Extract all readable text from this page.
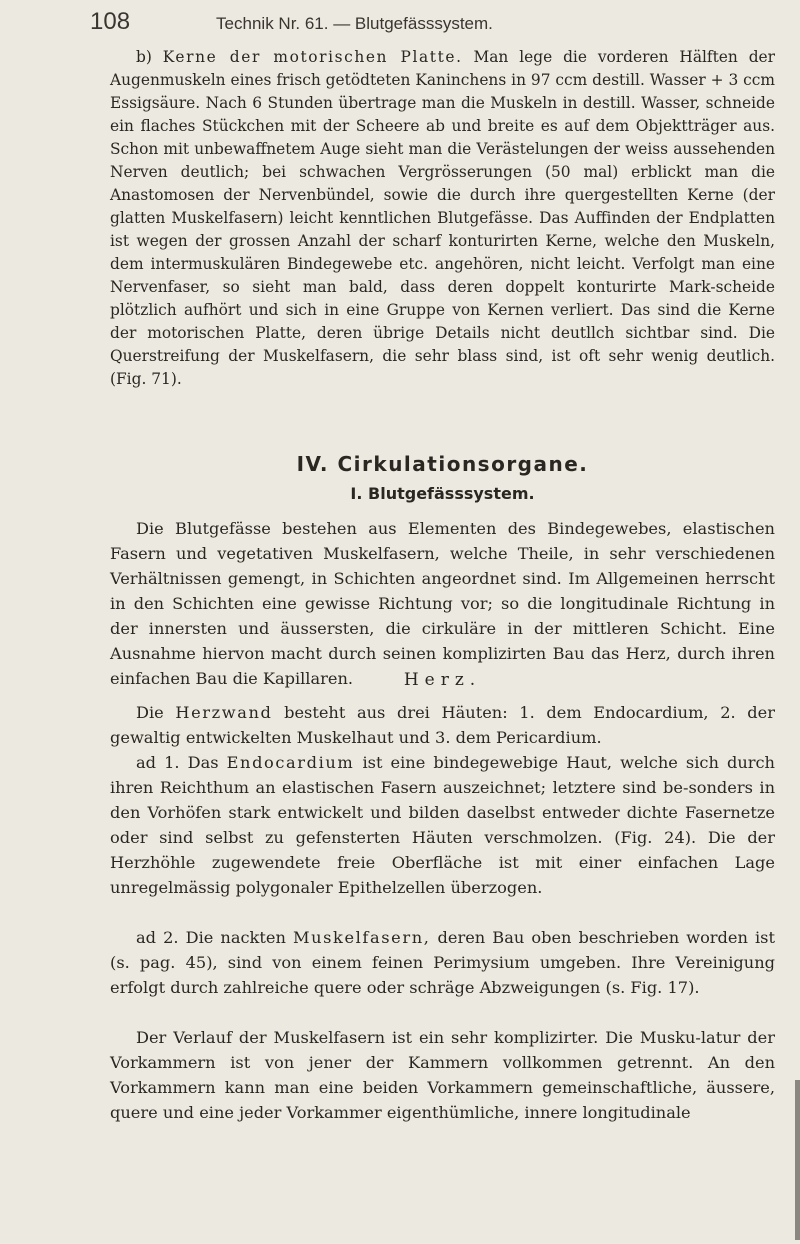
108	Technik Nr. 61. — Blutgefässsystem.

b) Kerne der motorischen Platte. Man lege die vorderen Hälften der Augenmuskeln eines frisch getödteten Kaninchens in 97 ccm destill. Wasser + 3 ccm Essigsäure. Nach 6 Stunden übertrage man die Muskeln in destill. Wasser, schneide ein flaches Stückchen mit der Scheere ab und breite es auf dem Objektträger aus. Schon mit unbewaffnetem Auge sieht man die Verästelungen der weiss aussehenden Nerven deutlich; bei schwachen Vergrösserungen (50 mal) erblickt man die Anastomosen der Nervenbündel, sowie die durch ihre quergestellten Kerne (der glatten Muskelfasern) leicht kenntlichen Blutgefässe. Das Auffinden der Endplatten ist wegen der grossen Anzahl der scharf konturirten Kerne, welche den Muskeln, dem intermuskulären Bindegewebe etc. angehören, nicht leicht. Verfolgt man eine Nervenfaser, so sieht man bald, dass deren doppelt konturirte Mark-scheide plötzlich aufhört und sich in eine Gruppe von Kernen verliert. Das sind die Kerne der motorischen Platte, deren übrige Details nicht deutllch sichtbar sind. Die Querstreifung der Muskelfasern, die sehr blass sind, ist oft sehr wenig deutlich. (Fig. 71).

IV. Cirkulationsorgane.
I. Blutgefässsystem.

Die Blutgefässe bestehen aus Elementen des Bindegewebes, elastischen Fasern und vegetativen Muskelfasern, welche Theile, in sehr verschiedenen Verhältnissen gemengt, in Schichten angeordnet sind. Im Allgemeinen herrscht in den Schichten eine gewisse Richtung vor; so die longitudinale Richtung in der innersten und äussersten, die cirkuläre in der mittleren Schicht. Eine Ausnahme hiervon macht durch seinen komplizirten Bau das Herz, durch ihren einfachen Bau die Kapillaren.	Herz.

Die Herzwand besteht aus drei Häuten: 1. dem Endocardium, 2. der gewaltig entwickelten Muskelhaut und 3. dem Pericardium.

ad 1. Das Endocardium ist eine bindegewebige Haut, welche sich durch ihren Reichthum an elastischen Fasern auszeichnet; letztere sind be-sonders in den Vorhöfen stark entwickelt und bilden daselbst entweder dichte Fasernetze oder sind selbst zu gefensterten Häuten verschmolzen. (Fig. 24). Die der Herzhöhle zugewendete freie Oberfläche ist mit einer einfachen Lage unregelmässig polygonaler Epithelzellen überzogen.

ad 2. Die nackten Muskelfasern, deren Bau oben beschrieben worden ist (s. pag. 45), sind von einem feinen Perimysium umgeben. Ihre Vereinigung erfolgt durch zahlreiche quere oder schräge Abzweigungen (s. Fig. 17).

Der Verlauf der Muskelfasern ist ein sehr komplizirter. Die Musku-latur der Vorkammern ist von jener der Kammern vollkommen getrennt. An den Vorkammern kann man eine beiden Vorkammern gemeinschaftliche, äussere, quere und eine jeder Vorkammer eigenthümliche, innere longitudinale
